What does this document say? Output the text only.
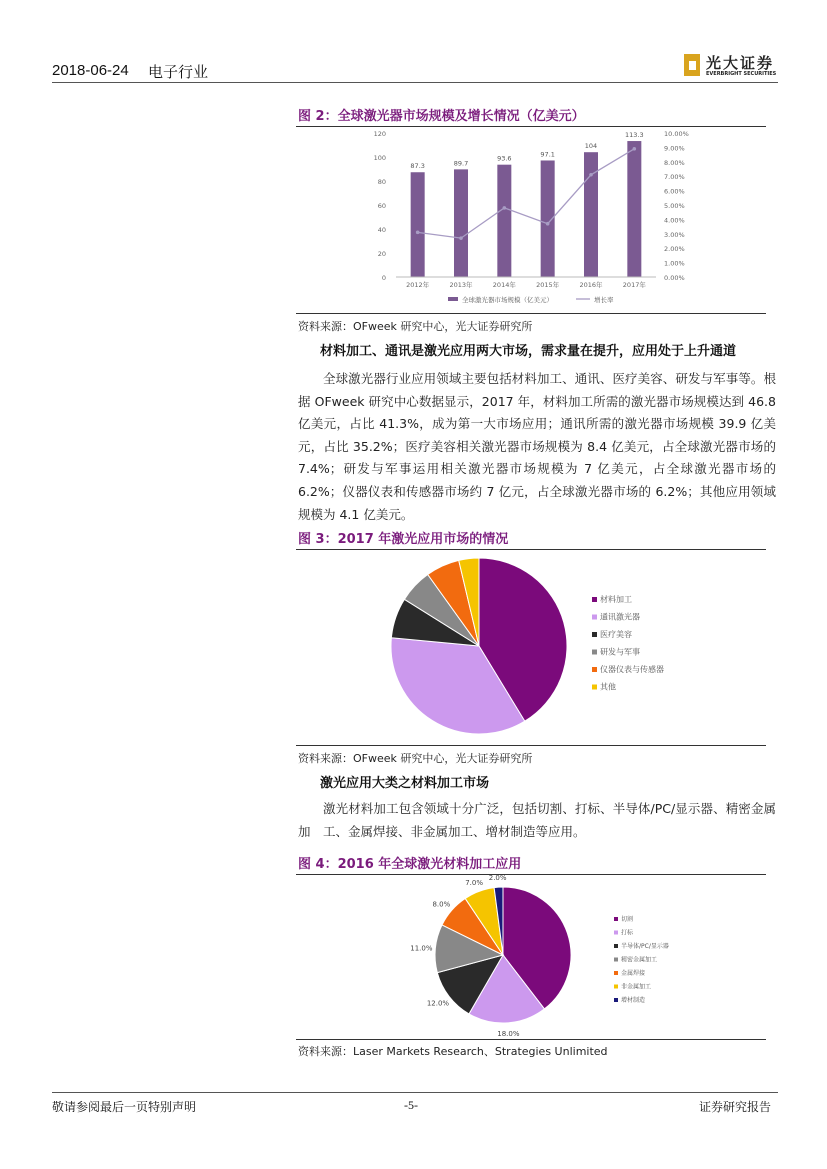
2018-06-24 电子行业	光大证券
EVERBRIGHT SECURITIES
图 2：全球激光器市场规模及增长情况（亿美元）
87.3	89.7
93.6
97.1
104
113.3
0
20
40
60
80
100
120
0.00%
1.00%
2.00%
3.00%
4.00%
5.00%
6.00%
7.00%
8.00%
9.00%
10.00%
2012年	2013年	2014年	2015年	2016年	2017年
全球激光器市场规模（亿美元）	增长率
资料来源：OFweek 研究中心，光大证券研究所
材料加工、通讯是激光应用两大市场，需求量在提升，应用处于上升通道
全球激光器行业应用领域主要包括材料加工、通讯、医疗美容、研发与军事等。根据 OFweek 研究中心数据显示，2017 年，材料加工所需的激光器市场规模达到 46.8 亿美元，占比 41.3%，成为第一大市场应用；通讯所需的激光器市场规模 39.9 亿美元，占比 35.2%；医疗美容相关激光器市场规模为 8.4 亿美元，占全球激光器市场的 7.4%；研发与军事运用相关激光器市场规模为 7 亿美元，占全球激光器市场的 6.2%；仪器仪表和传感器市场约 7 亿元，占全球激光器市场的 6.2%；其他应用领域规模为 4.1 亿美元。
图 3：2017 年激光应用市场的情况
材料加工
通讯激光器
医疗美容
研发与军事
仪器仪表与传感器
其他
资料来源：OFweek 研究中心，光大证券研究所
激光应用大类之材料加工市场
激光材料加工包含领域十分广泛，包括切割、打标、半导体/PC/显示器、精密金属加　工、金属焊接、非金属加工、增材制造等应用。
图 4：2016 年全球激光材料加工应用
18.0%
12.0%
11.0%
8.0%
7.0%
2.0%
切割
打标
半导体/PC/显示器
精密金属加工
金属焊接
非金属加工
增材制造
资料来源：Laser Markets Research、Strategies Unlimited
敬请参阅最后一页特别声明	-5-	证券研究报告
